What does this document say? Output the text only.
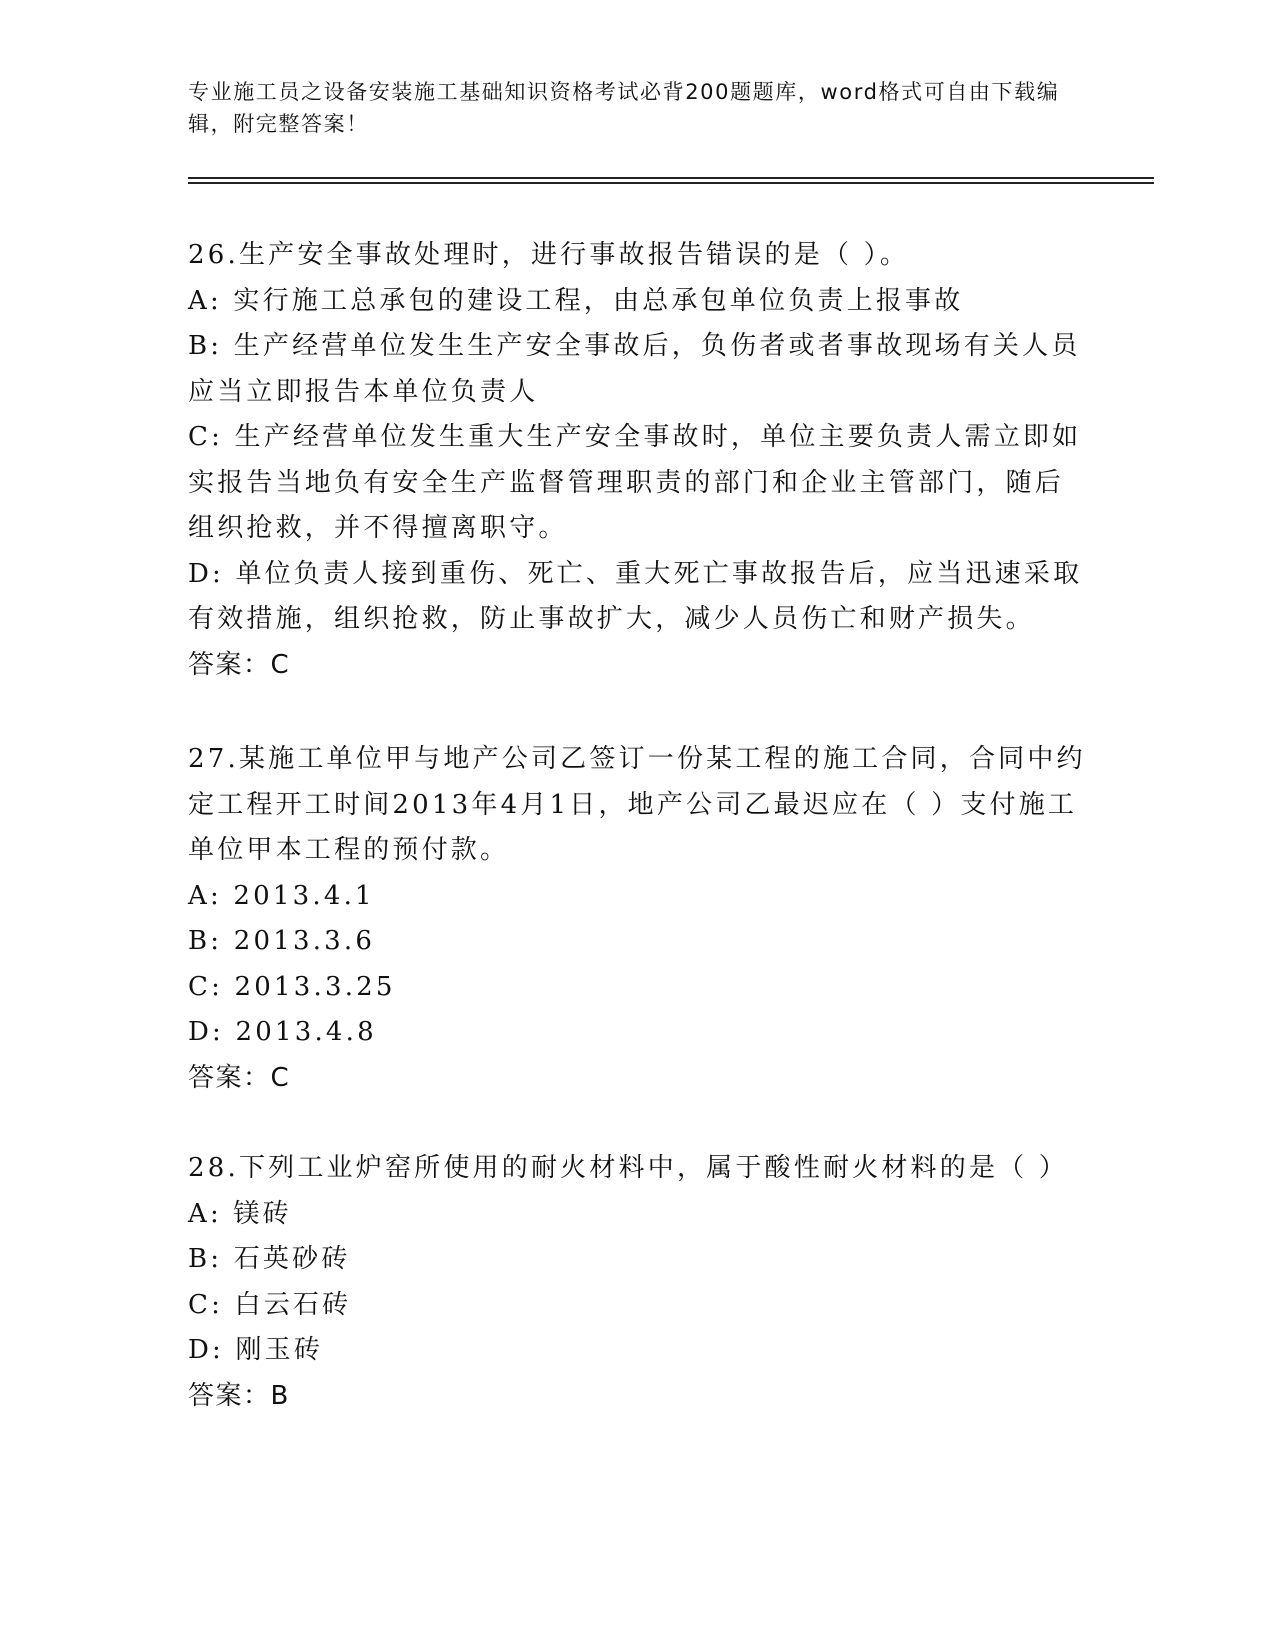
专业施工员之设备安装施工基础知识资格考试必背200题题库，word格式可自由下载编辑，附完整答案！
26.生产安全事故处理时，进行事故报告错误的是（ ）。
A: 实行施工总承包的建设工程，由总承包单位负责上报事故
B: 生产经营单位发生生产安全事故后，负伤者或者事故现场有关人员应当立即报告本单位负责人
C: 生产经营单位发生重大生产安全事故时，单位主要负责人需立即如实报告当地负有安全生产监督管理职责的部门和企业主管部门，随后组织抢救，并不得擅离职守。
D: 单位负责人接到重伤、死亡、重大死亡事故报告后，应当迅速采取有效措施，组织抢救，防止事故扩大，减少人员伤亡和财产损失。
答案：C
27.某施工单位甲与地产公司乙签订一份某工程的施工合同，合同中约定工程开工时间2013年4月1日，地产公司乙最迟应在（ ）支付施工单位甲本工程的预付款。
A: 2013.4.1
B: 2013.3.6
C: 2013.3.25
D: 2013.4.8
答案：C
28.下列工业炉窑所使用的耐火材料中，属于酸性耐火材料的是（ ）
A: 镁砖
B: 石英砂砖
C: 白云石砖
D: 刚玉砖
答案：B
